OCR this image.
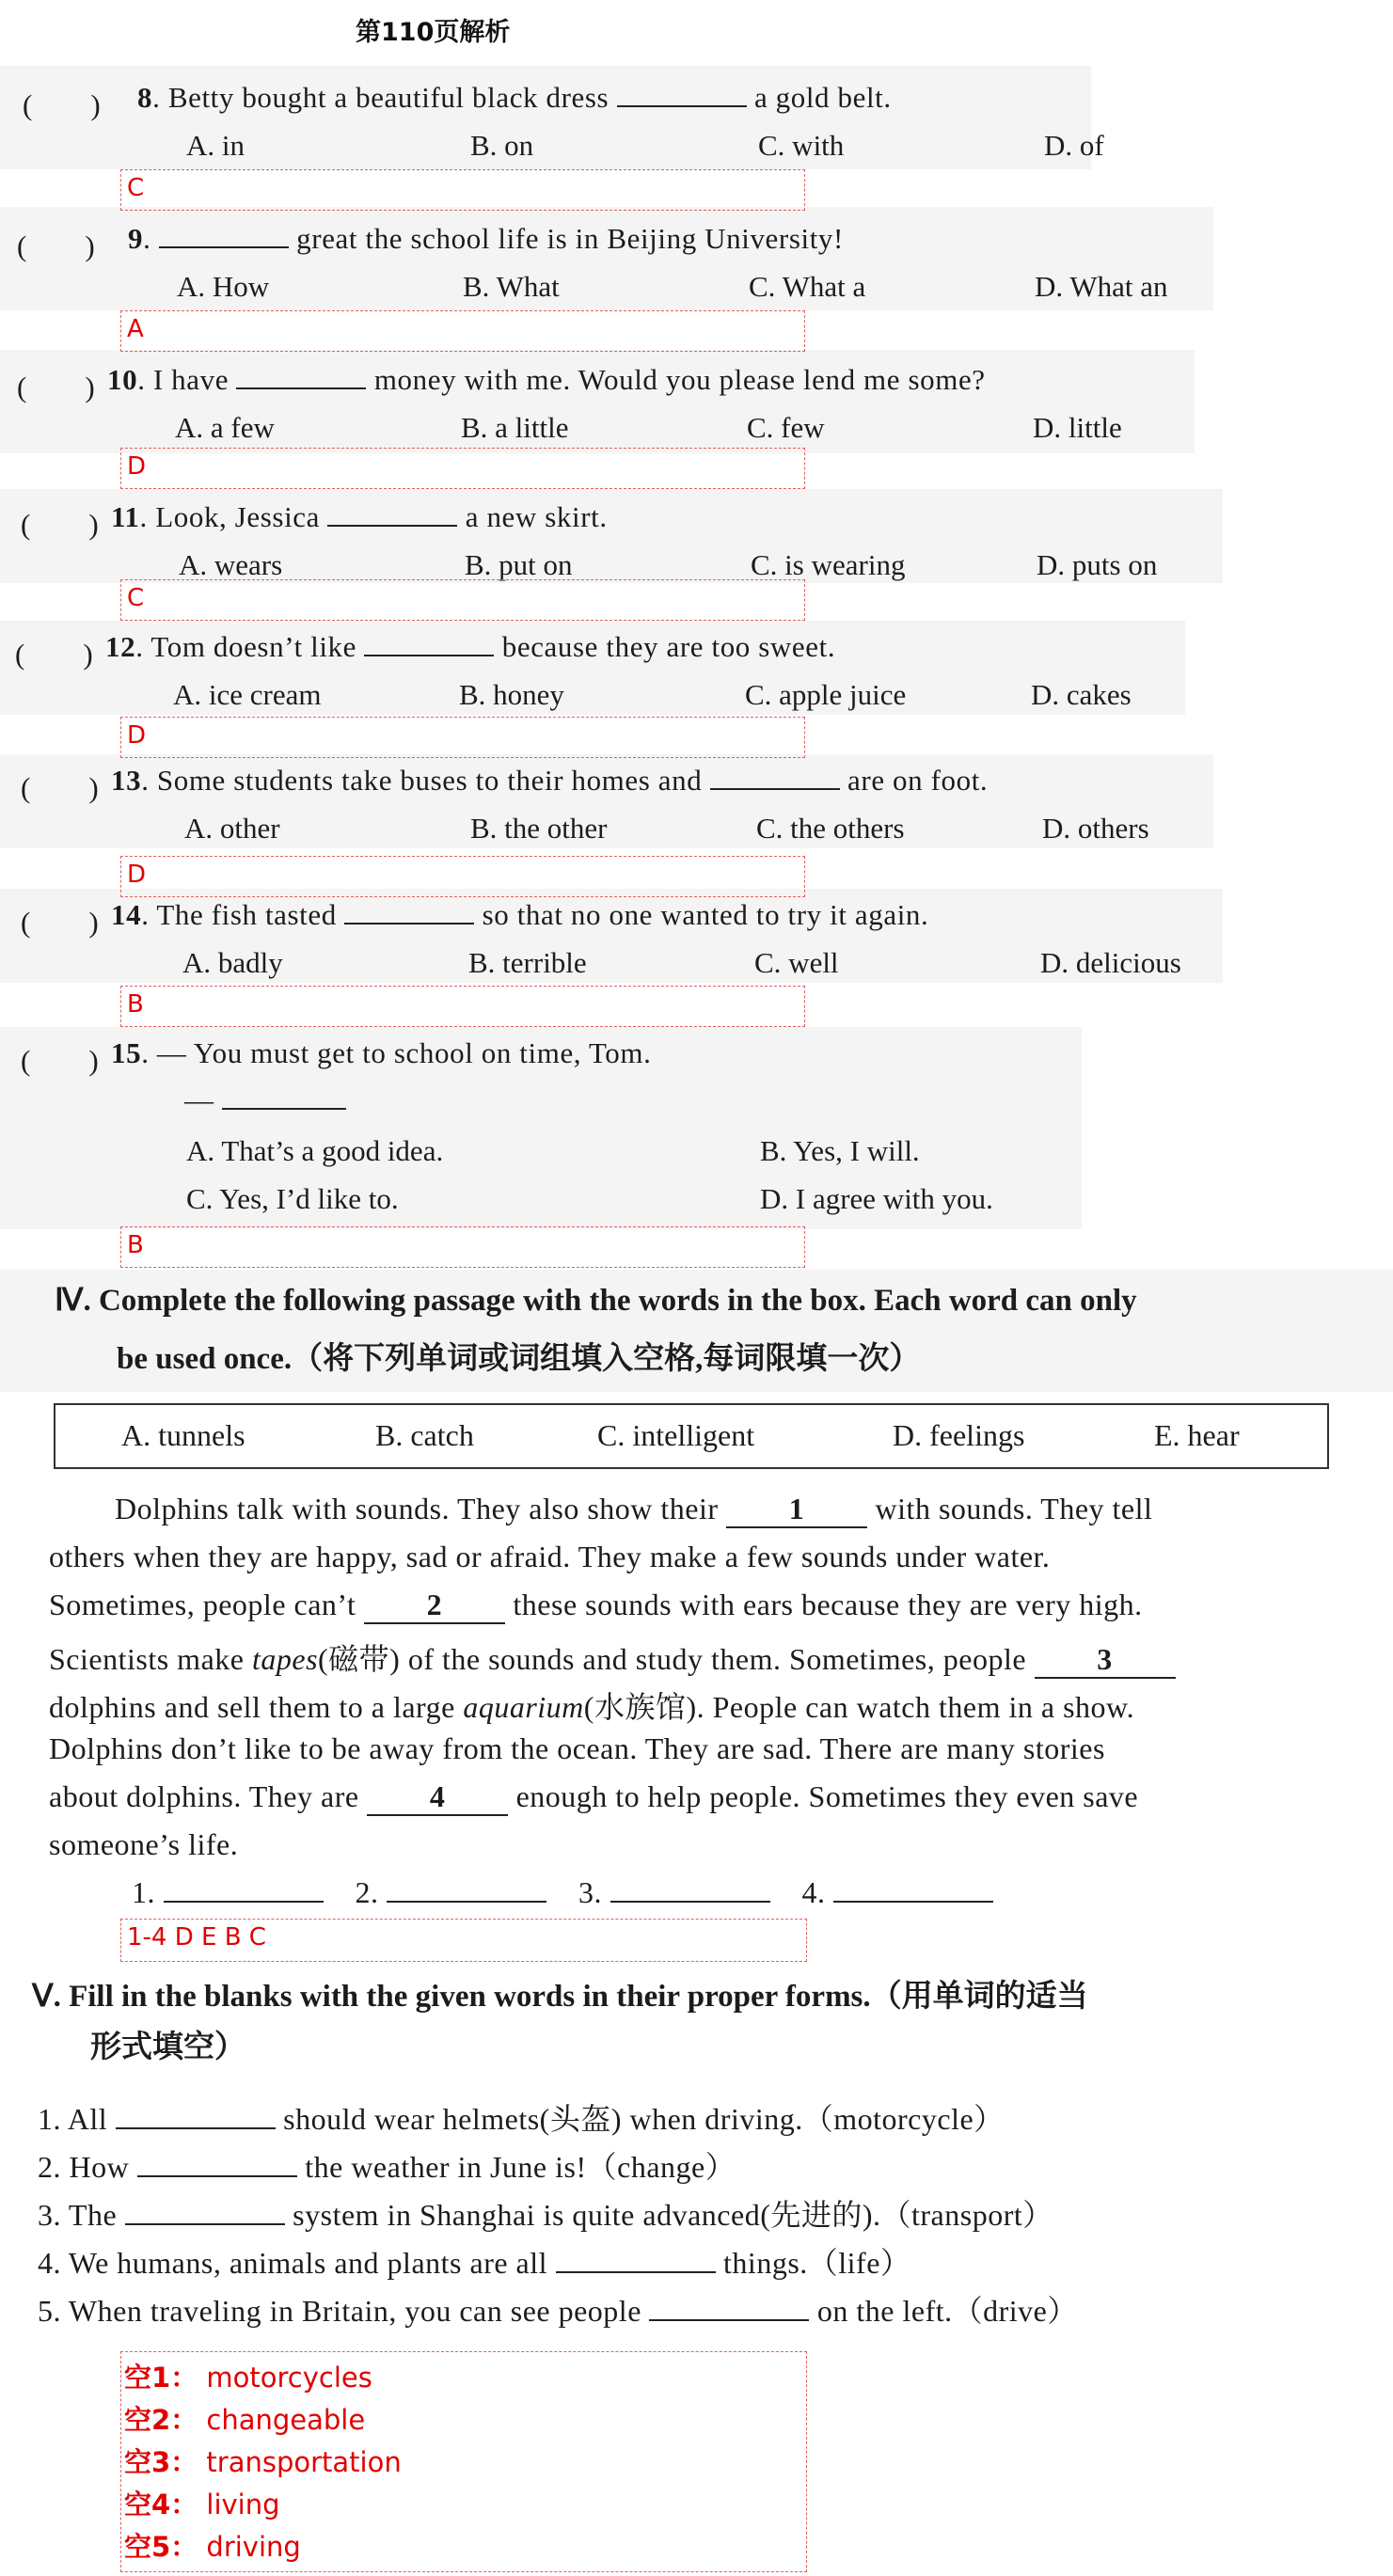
第110页解析
(　　) 8. Betty bought a beautiful black dress	a gold belt.
A. in	B. on	C. with	D. of
C
(　　) 9.	great the school life is in Beijing University!
A. How	B. What	C. What a	D. What an
A
(　　) 10. I have	money with me. Would you please lend me some?
A. a few	B. a little	C. few	D. little
D
(　　) 11. Look, Jessica	a new skirt.
A. wears	B. put on	C. is wearing	D. puts on
C
(　　) 12. Tom doesn’t like	because they are too sweet.
A. ice cream	B. honey	C. apple juice	D. cakes
D
(　　) 13. Some students take buses to their homes and	are on foot.
A. other	B. the other	C. the others	D. others
D
(　　) 14. The fish tasted	so that no one wanted to try it again.
A. badly	B. terrible	C. well	D. delicious
B
(　　) 15. — You must get to school on time, Tom.
—
A. That’s a good idea.	B. Yes, I will.
C. Yes, I’d like to.	D. I agree with you.
B
Ⅳ. Complete the following passage with the words in the box. Each word can only
be used once.（将下列单词或词组填入空格,每词限填一次）
A. tunnels	B. catch	C. intelligent	D. feelings	E. hear
Dolphins talk with sounds. They also show their 1 with sounds. They tell
others when they are happy, sad or afraid. They make a few sounds under water.
Sometimes, people can’t 2 these sounds with ears because they are very high.
Scientists make tapes(磁带) of the sounds and study them. Sometimes, people 3
dolphins and sell them to a large aquarium(水族馆). People can watch them in a show.
Dolphins don’t like to be away from the ocean. They are sad. There are many stories
about dolphins. They are 4 enough to help people. Sometimes they even save
someone’s life.
1.	2.	3.	4.
1-4 D E B C
Ⅴ. Fill in the blanks with the given words in their proper forms.（用单词的适当
形式填空）
1. All	should wear helmets(头盔) when driving.（motorcycle）
2. How	the weather in June is!（change）
3. The	system in Shanghai is quite advanced(先进的).（transport）
4. We humans, animals and plants are all	things.（life）
5. When traveling in Britain, you can see people	on the left.（drive）
空1： motorcycles
空2： changeable
空3： transportation
空4： living
空5： driving
